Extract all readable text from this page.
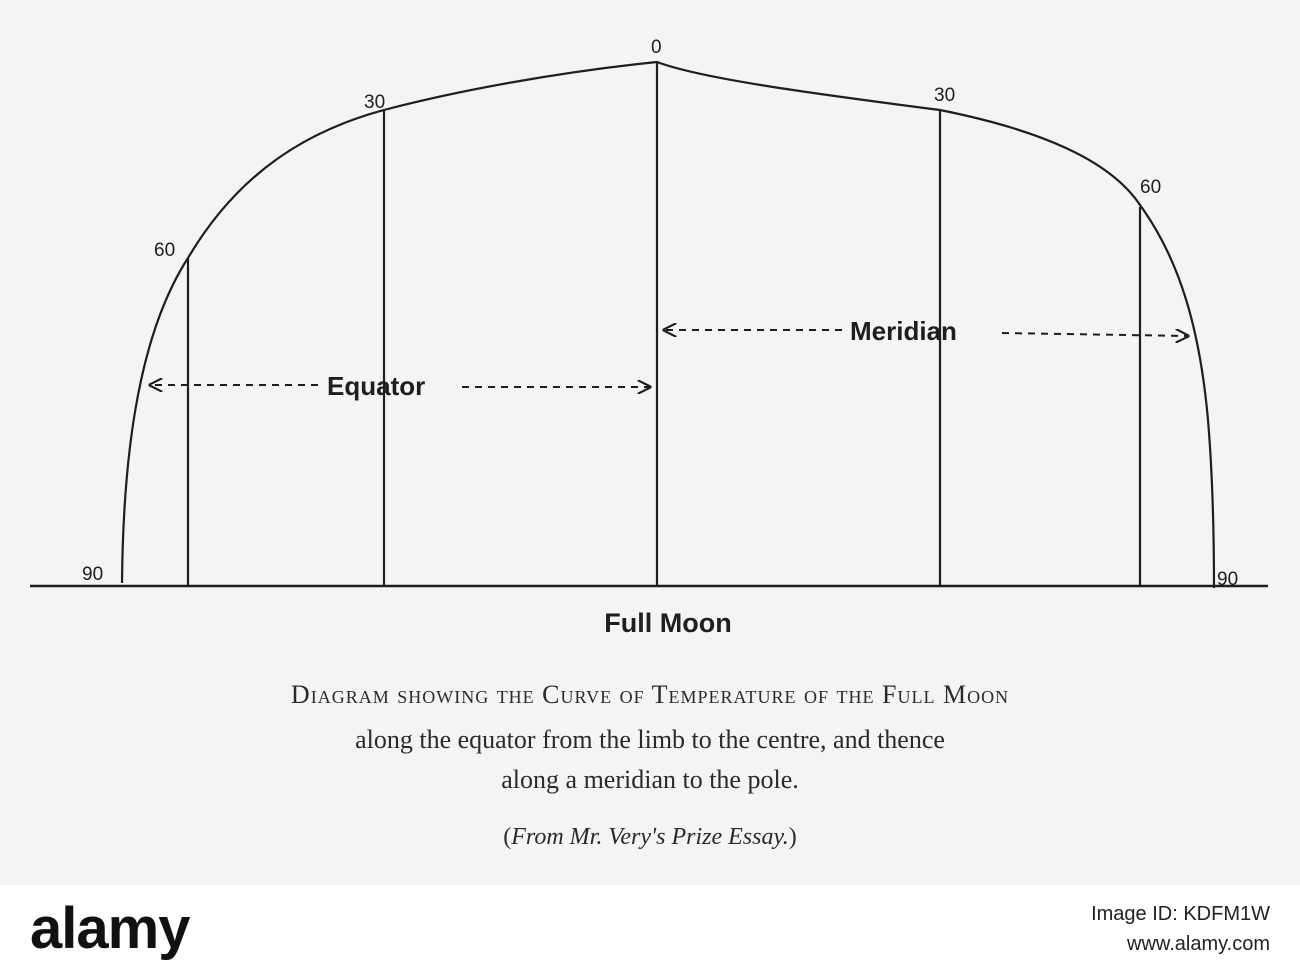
0
30
60
90
30
60
90
Equator
Meridian
Full Moon
Diagram showing the Curve of Temperature of the Full Moon
along the equator from the limb to the centre, and thence
along a meridian to the pole.
(From Mr. Very's Prize Essay.)
alamy	Image ID: KDFM1W
www.alamy.com
